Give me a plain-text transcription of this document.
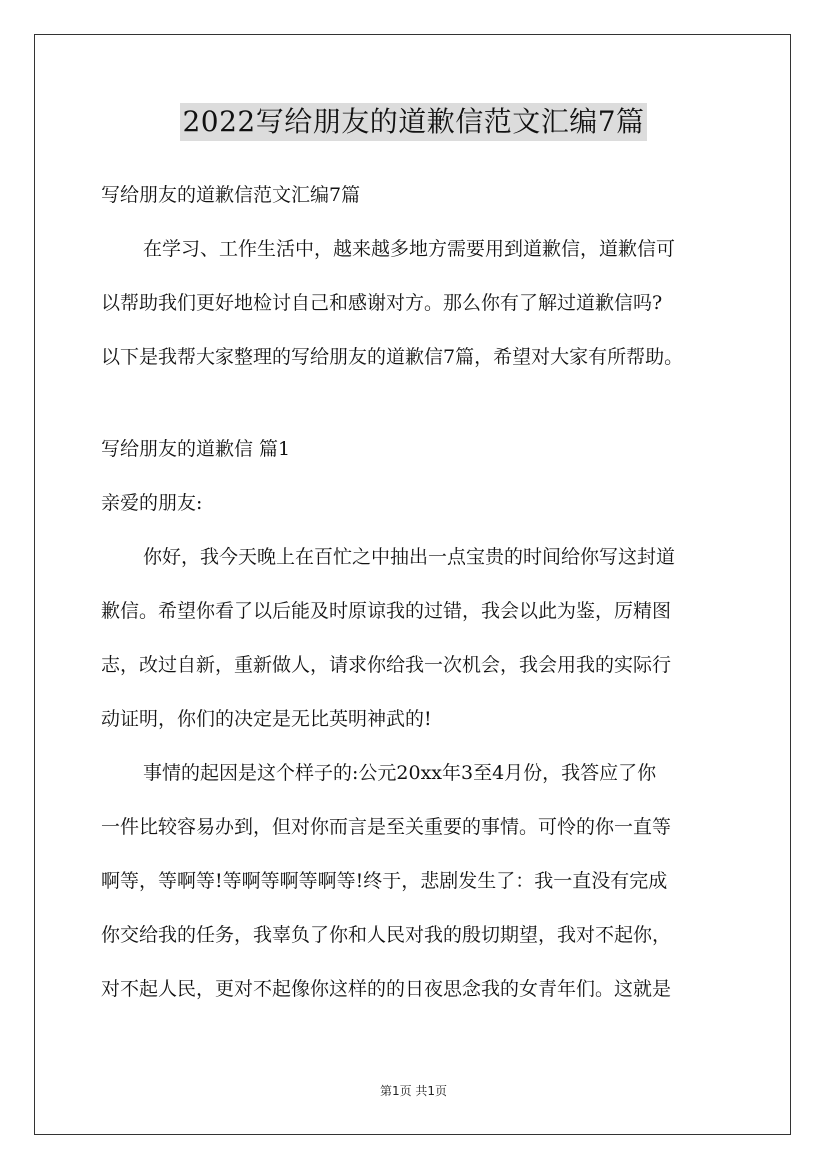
2022写给朋友的道歉信范文汇编7篇
写给朋友的道歉信范文汇编7篇
在学习、工作生活中，越来越多地方需要用到道歉信，道歉信可
以帮助我们更好地检讨自己和感谢对方。那么你有了解过道歉信吗?
以下是我帮大家整理的写给朋友的道歉信7篇，希望对大家有所帮助。
写给朋友的道歉信 篇1
亲爱的朋友:
你好，我今天晚上在百忙之中抽出一点宝贵的时间给你写这封道
歉信。希望你看了以后能及时原谅我的过错，我会以此为鉴，厉精图
志，改过自新，重新做人，请求你给我一次机会，我会用我的实际行
动证明，你们的决定是无比英明神武的!
事情的起因是这个样子的:公元20xx年3至4月份，我答应了你
一件比较容易办到，但对你而言是至关重要的事情。可怜的你一直等
啊等，等啊等!等啊等啊等啊等!终于，悲剧发生了：我一直没有完成
你交给我的任务，我辜负了你和人民对我的殷切期望，我对不起你，
对不起人民，更对不起像你这样的的日夜思念我的女青年们。这就是
第1页 共1页
